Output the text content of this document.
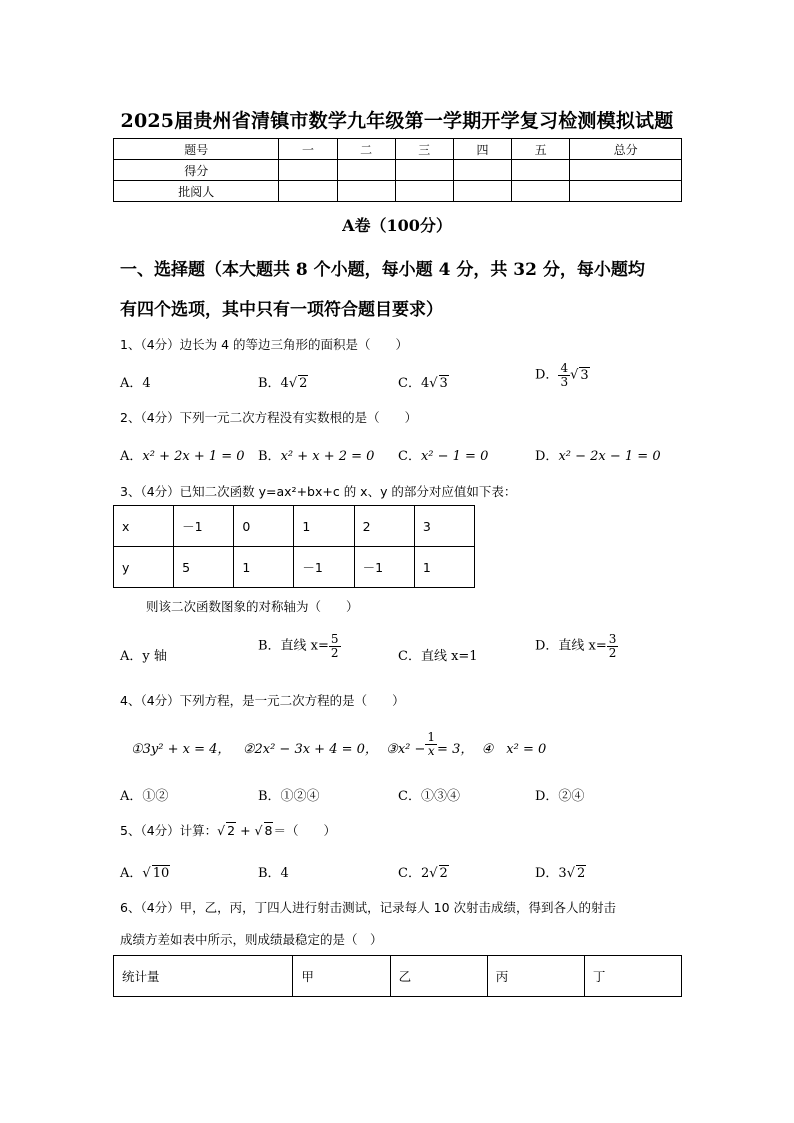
2025届贵州省清镇市数学九年级第一学期开学复习检测模拟试题
题号	一	二	三	四	五	总分
得分						
批阅人						
A卷（100分）
一、选择题（本大题共 8 个小题，每小题 4 分，共 32 分，每小题均
有四个选项，其中只有一项符合题目要求）
1、（4分）边长为 4 的等边三角形的面积是（　　）
A．4	B．4√ 2	C．4√ 3
D． $\frac{4}{3}$ √ 3
2、（4分）下列一元二次方程没有实数根的是（　　）
A．x² + 2x + 1 = 0 B．x² + x + 2 = 0 C．x² − 1 = 0	D．x² − 2x − 1 = 0
3、（4分）已知二次函数 y=ax²+bx+c 的 x、y 的部分对应值如下表：
x	－1	0	1	2	3
y	5	1	－1	－1	1
则该二次函数图象的对称轴为（　　）
A．y 轴
B．直线 $x= \frac{5}{2}$	C．直线 x=1
D．直线 $x= \frac{3}{2}$
4、（4分）下列方程，是一元二次方程的是（　　）
①3y² + x = 4， ②2x² − 3x + 4 = 0， ③x² − $\frac{1}{x} = 3$， ④　x² = 0
A．①②	B．①②④	C．①③④	D．②④
5、（4分）计算：√ 2 + √ 8＝（　　）
A．√ 10	B．4	C．2√ 2	D．3√ 2
6、（4分）甲，乙，丙，丁四人进行射击测试，记录每人 10 次射击成绩，得到各人的射击
成绩方差如表中所示，则成绩最稳定的是（　）
统计量	甲	乙	丙	丁
